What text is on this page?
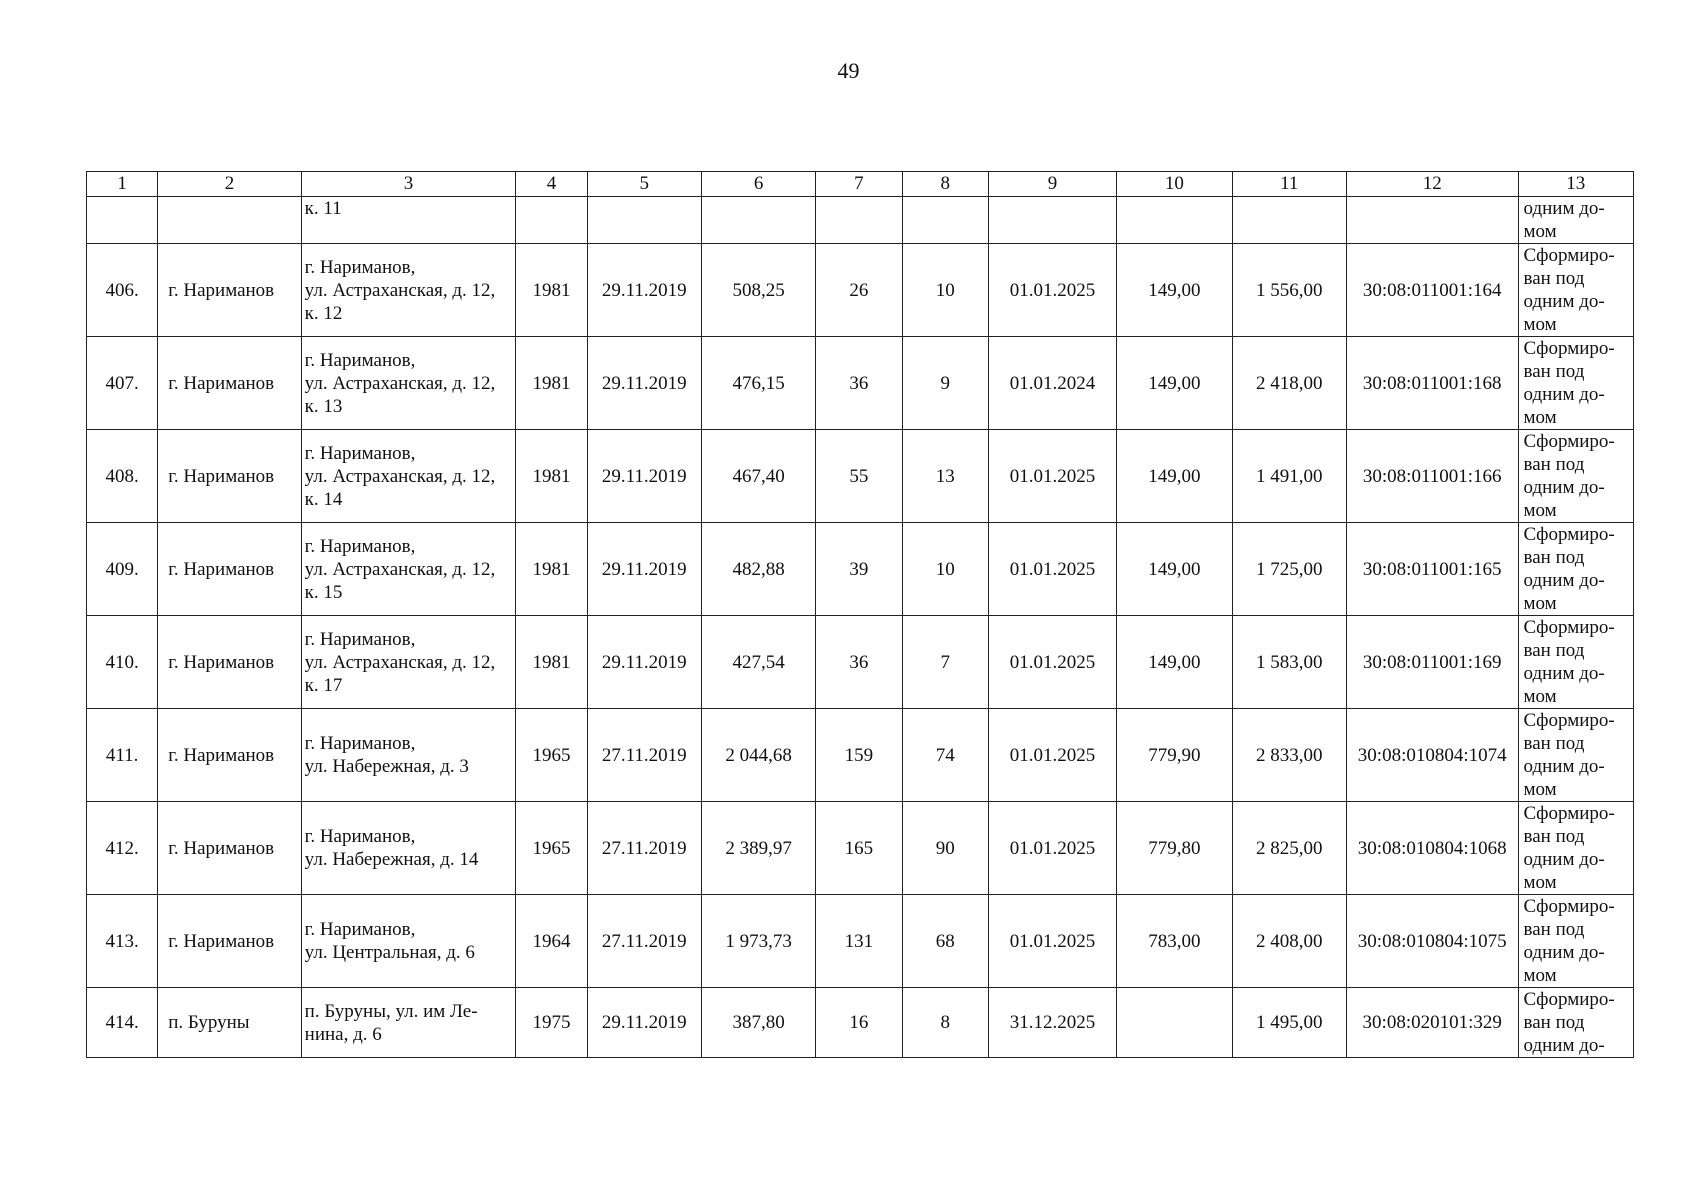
49
1	2	3	4	5	6	7	8	9	10	11	12	13

		к. 11										одним до-
мом

406.	г. Нариманов	г. Нариманов,
ул. Астраханская, д. 12,
к. 12	1981	29.11.2019	508,25	26	10	01.01.2025	149,00	1 556,00	30:08:011001:164	Сформиро-
ван под
одним до-
мом

407.	г. Нариманов	г. Нариманов,
ул. Астраханская, д. 12,
к. 13	1981	29.11.2019	476,15	36	9	01.01.2024	149,00	2 418,00	30:08:011001:168	Сформиро-
ван под
одним до-
мом

408.	г. Нариманов	г. Нариманов,
ул. Астраханская, д. 12,
к. 14	1981	29.11.2019	467,40	55	13	01.01.2025	149,00	1 491,00	30:08:011001:166	Сформиро-
ван под
одним до-
мом

409.	г. Нариманов	г. Нариманов,
ул. Астраханская, д. 12,
к. 15	1981	29.11.2019	482,88	39	10	01.01.2025	149,00	1 725,00	30:08:011001:165	Сформиро-
ван под
одним до-
мом

410.	г. Нариманов	г. Нариманов,
ул. Астраханская, д. 12,
к. 17	1981	29.11.2019	427,54	36	7	01.01.2025	149,00	1 583,00	30:08:011001:169	Сформиро-
ван под
одним до-
мом

411.	г. Нариманов	г. Нариманов,
ул. Набережная, д. 3	1965	27.11.2019	2 044,68	159	74	01.01.2025	779,90	2 833,00	30:08:010804:1074	Сформиро-
ван под
одним до-
мом

412.	г. Нариманов	г. Нариманов,
ул. Набережная, д. 14	1965	27.11.2019	2 389,97	165	90	01.01.2025	779,80	2 825,00	30:08:010804:1068	Сформиро-
ван под
одним до-
мом

413.	г. Нариманов	г. Нариманов,
ул. Центральная, д. 6	1964	27.11.2019	1 973,73	131	68	01.01.2025	783,00	2 408,00	30:08:010804:1075	Сформиро-
ван под
одним до-
мом

414.	п. Буруны	п. Буруны, ул. им Ле-
нина, д. 6	1975	29.11.2019	387,80	16	8	31.12.2025		1 495,00	30:08:020101:329	Сформиро-
ван под
одним до-
